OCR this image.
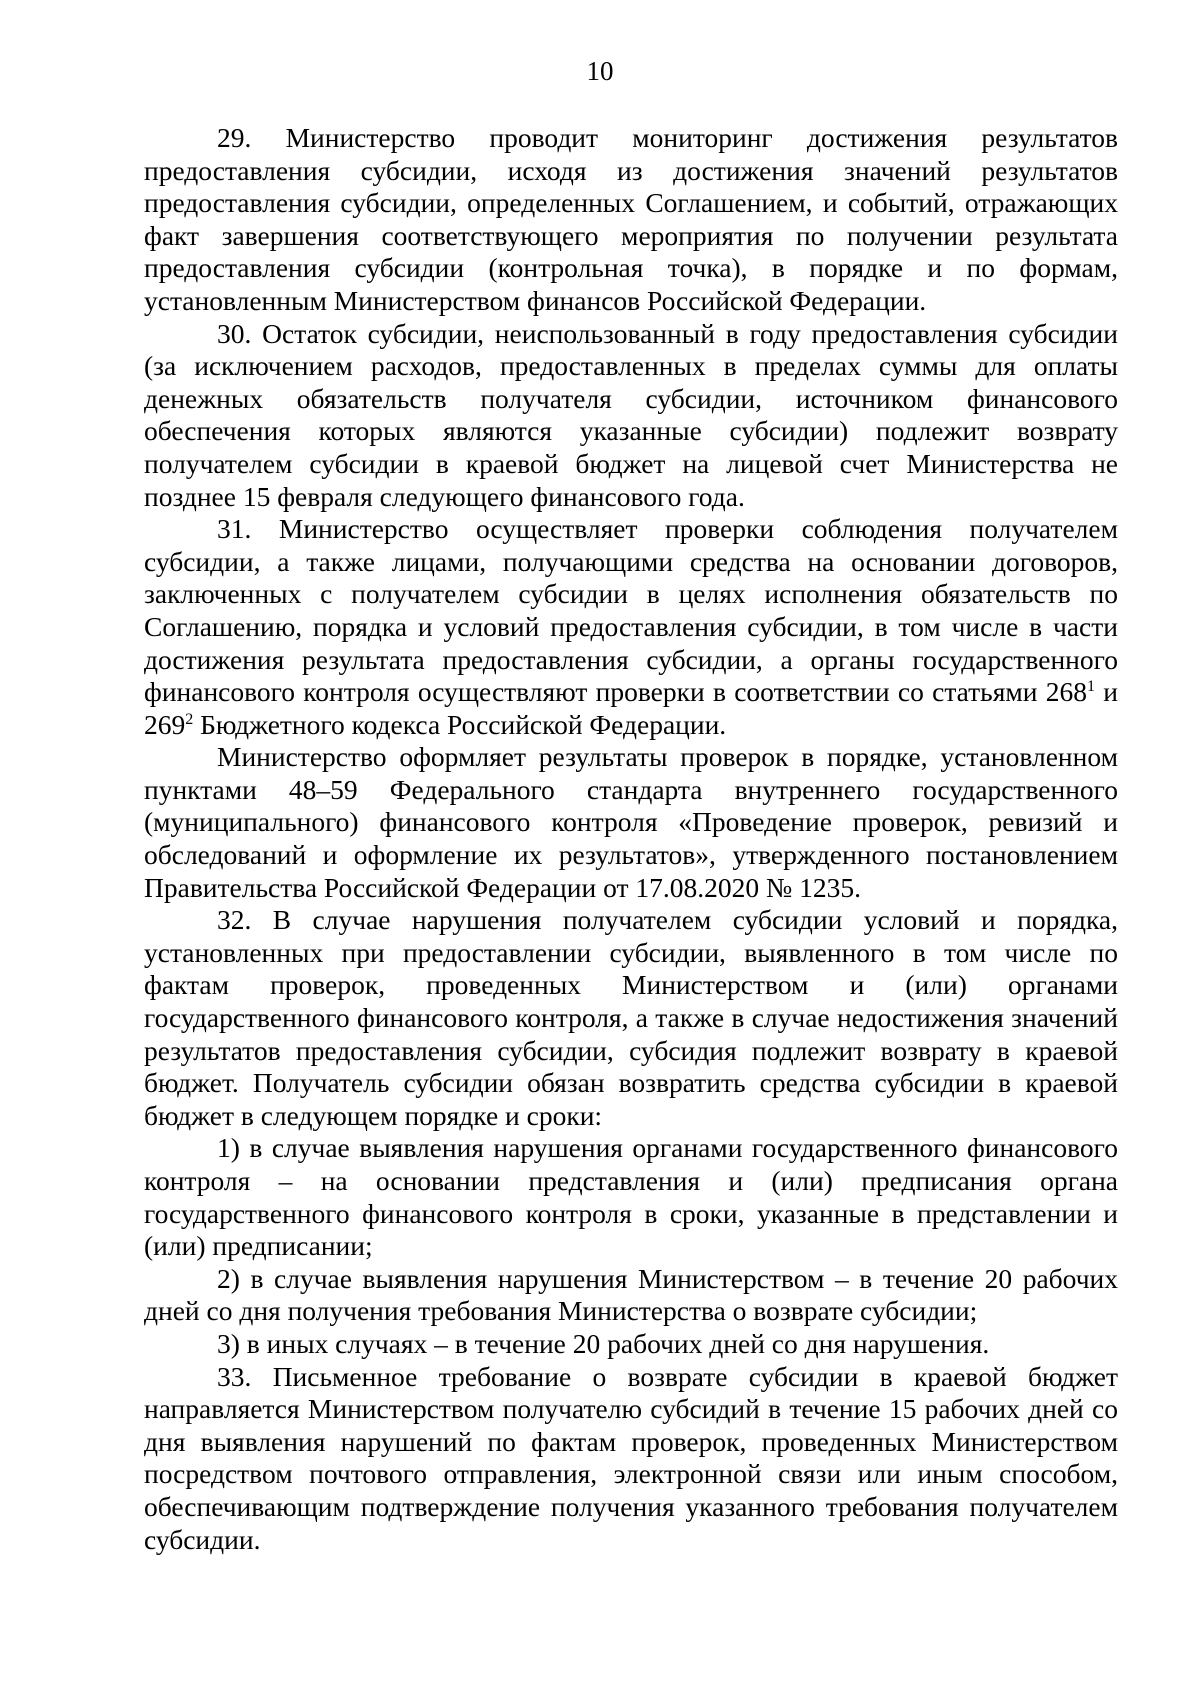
10

29. Министерство проводит мониторинг достижения результатов предоставления субсидии, исходя из достижения значений результатов предоставления субсидии, определенных Соглашением, и событий, отражающих факт завершения соответствующего мероприятия по получении результата предоставления субсидии (контрольная точка), в порядке и по формам, установленным Министерством финансов Российской Федерации.

30. Остаток субсидии, неиспользованный в году предоставления субсидии (за исключением расходов, предоставленных в пределах суммы для оплаты денежных обязательств получателя субсидии, источником финансового обеспечения которых являются указанные субсидии) подлежит возврату получателем субсидии в краевой бюджет на лицевой счет Министерства не позднее 15 февраля следующего финансового года.

31. Министерство осуществляет проверки соблюдения получателем субсидии, а также лицами, получающими средства на основании договоров, заключенных с получателем субсидии в целях исполнения обязательств по Соглашению, порядка и условий предоставления субсидии, в том числе в части достижения результата предоставления субсидии, а органы государственного финансового контроля осуществляют проверки в соответствии со статьями $268^1$ и $269^2$ Бюджетного кодекса Российской Федерации.

Министерство оформляет результаты проверок в порядке, установленном пунктами 48–59 Федерального стандарта внутреннего государственного (муниципального) финансового контроля «Проведение проверок, ревизий и обследований и оформление их результатов», утвержденного постановлением Правительства Российской Федерации от 17.08.2020 № 1235.

32. В случае нарушения получателем субсидии условий и порядка, установленных при предоставлении субсидии, выявленного в том числе по фактам проверок, проведенных Министерством и (или) органами государственного финансового контроля, а также в случае недостижения значений результатов предоставления субсидии, субсидия подлежит возврату в краевой бюджет. Получатель субсидии обязан возвратить средства субсидии в краевой бюджет в следующем порядке и сроки:

1) в случае выявления нарушения органами государственного финансового контроля – на основании представления и (или) предписания органа государственного финансового контроля в сроки, указанные в представлении и (или) предписании;

2) в случае выявления нарушения Министерством – в течение 20 рабочих дней со дня получения требования Министерства о возврате субсидии;

3) в иных случаях – в течение 20 рабочих дней со дня нарушения.

33. Письменное требование о возврате субсидии в краевой бюджет направляется Министерством получателю субсидий в течение 15 рабочих дней со дня выявления нарушений по фактам проверок, проведенных Министерством посредством почтового отправления, электронной связи или иным способом, обеспечивающим подтверждение получения указанного требования получателем субсидии.
